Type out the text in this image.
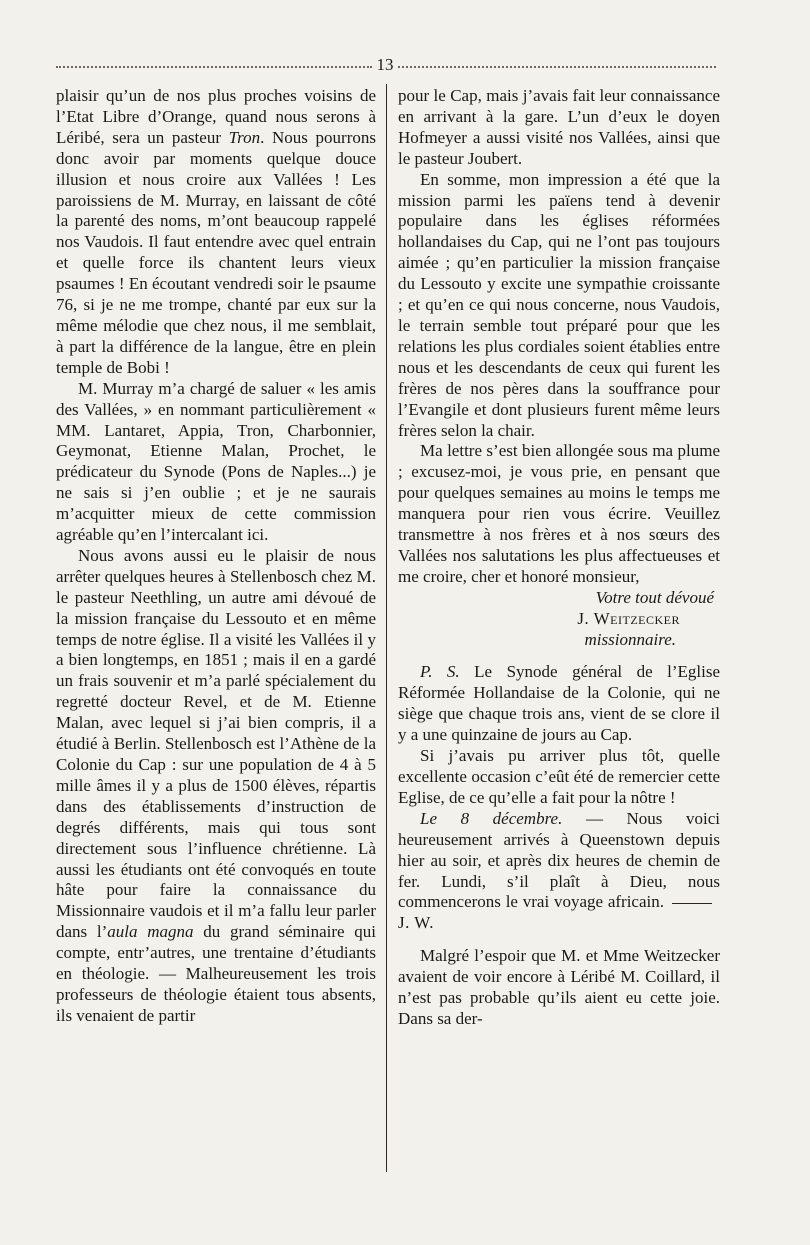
13

plaisir qu’un de nos plus proches voisins de l’Etat Libre d’Orange, quand nous serons à Léribé, sera un pasteur Tron. Nous pourrons donc avoir par moments quelque douce illusion et nous croire aux Vallées ! Les paroissiens de M. Murray, en laissant de côté la parenté des noms, m’ont beaucoup rappelé nos Vaudois. Il faut entendre avec quel entrain et quelle force ils chantent leurs vieux psaumes ! En écoutant vendredi soir le psaume 76, si je ne me trompe, chanté par eux sur la même mélodie que chez nous, il me semblait, à part la différence de la langue, être en plein temple de Bobi !

M. Murray m’a chargé de saluer « les amis des Vallées, » en nommant particulièrement « MM. Lantaret, Appia, Tron, Charbonnier, Geymonat, Etienne Malan, Prochet, le prédicateur du Synode (Pons de Naples...) je ne sais si j’en oublie ; et je ne saurais m’acquitter mieux de cette commission agréable qu’en l’intercalant ici.

Nous avons aussi eu le plaisir de nous arrêter quelques heures à Stellenbosch chez M. le pasteur Neethling, un autre ami dévoué de la mission française du Lessouto et en même temps de notre église. Il a visité les Vallées il y a bien longtemps, en 1851 ; mais il en a gardé un frais souvenir et m’a parlé spécialement du regretté docteur Revel, et de M. Etienne Malan, avec lequel si j’ai bien compris, il a étudié à Berlin. Stellenbosch est l’Athène de la Colonie du Cap : sur une population de 4 à 5 mille âmes il y a plus de 1500 élèves, répartis dans des établissements d’instruction de degrés différents, mais qui tous sont directement sous l’influence chrétienne. Là aussi les étudiants ont été convoqués en toute hâte pour faire la connaissance du Missionnaire vaudois et il m’a fallu leur parler dans l’aula magna du grand séminaire qui compte, entr’autres, une trentaine d’étudiants en théologie. — Malheureusement les trois professeurs de théologie étaient tous absents, ils venaient de partir

pour le Cap, mais j’avais fait leur connaissance en arrivant à la gare. L’un d’eux le doyen Hofmeyer a aussi visité nos Vallées, ainsi que le pasteur Joubert.

En somme, mon impression a été que la mission parmi les païens tend à devenir populaire dans les églises réformées hollandaises du Cap, qui ne l’ont pas toujours aimée ; qu’en particulier la mission française du Lessouto y excite une sympathie croissante ; et qu’en ce qui nous concerne, nous Vaudois, le terrain semble tout préparé pour que les relations les plus cordiales soient établies entre nous et les descendants de ceux qui furent les frères de nos pères dans la souffrance pour l’Evangile et dont plusieurs furent même leurs frères selon la chair.

Ma lettre s’est bien allongée sous ma plume ; excusez-moi, je vous prie, en pensant que pour quelques semaines au moins le temps me manquera pour rien vous écrire. Veuillez transmettre à nos frères et à nos sœurs des Vallées nos salutations les plus affectueuses et me croire, cher et honoré monsieur,

Votre tout dévoué

J. Weitzecker

missionnaire.

P. S. Le Synode général de l’Eglise Réformée Hollandaise de la Colonie, qui ne siège que chaque trois ans, vient de se clore il y a une quinzaine de jours au Cap.

Si j’avais pu arriver plus tôt, quelle excellente occasion c’eût été de remercier cette Eglise, de ce qu’elle a fait pour la nôtre !

Le 8 décembre. — Nous voici heureusement arrivés à Queenstown depuis hier au soir, et après dix heures de chemin de fer. Lundi, s’il plaît à Dieu, nous commencerons le vrai voyage africain.J. W.

Malgré l’espoir que M. et Mme Weitzecker avaient de voir encore à Léribé M. Coillard, il n’est pas probable qu’ils aient eu cette joie. Dans sa der-
